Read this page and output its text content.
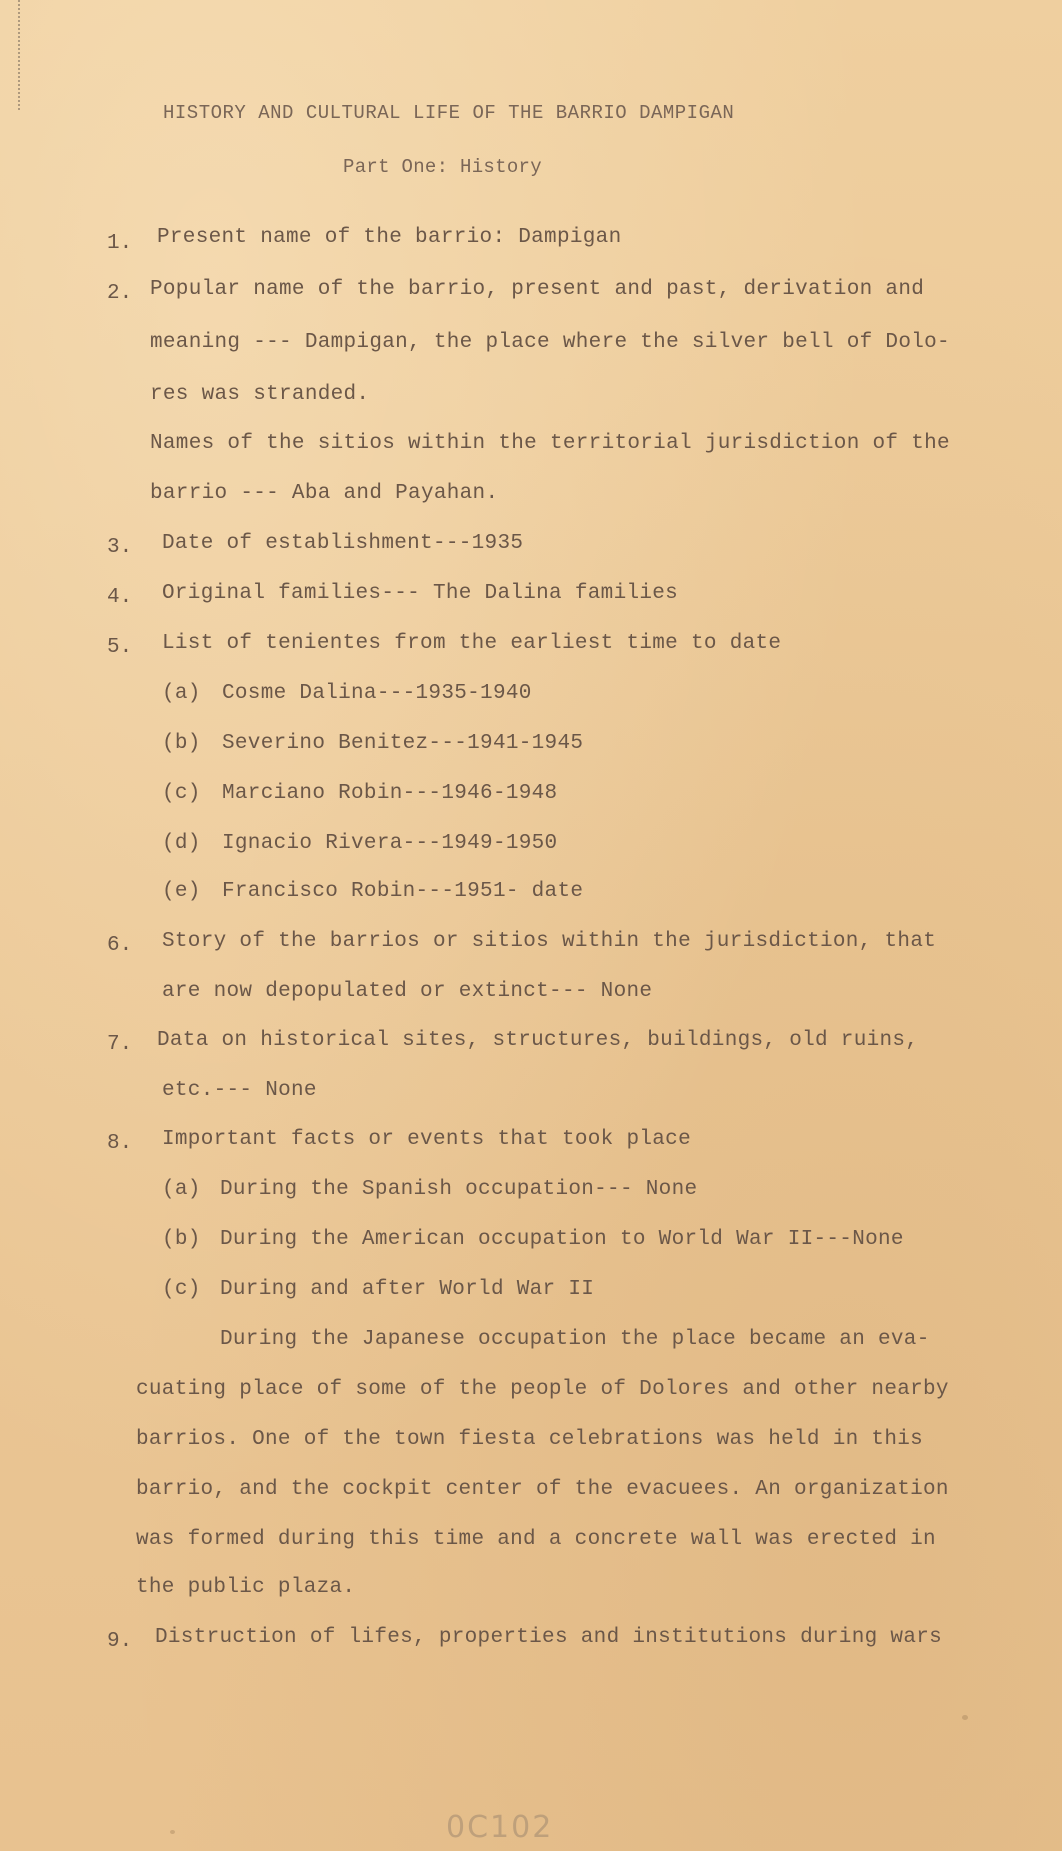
HISTORY AND CULTURAL LIFE OF THE BARRIO DAMPIGAN
Part One: History
1. Present name of the barrio: Dampigan
2. Popular name of the barrio, present and past, derivation and
meaning --- Dampigan, the place where the silver bell of Dolo-
res was stranded.
Names of the sitios within the territorial jurisdiction of the
barrio --- Aba and Payahan.
3. Date of establishment---1935
4. Original families--- The Dalina families
5. List of tenientes from the earliest time to date
(a) Cosme Dalina---1935-1940
(b) Severino Benitez---1941-1945
(c) Marciano Robin---1946-1948
(d) Ignacio Rivera---1949-1950
(e) Francisco Robin---1951- date
6. Story of the barrios or sitios within the jurisdiction, that
are now depopulated or extinct--- None
7. Data on historical sites, structures, buildings, old ruins,
etc.--- None
8. Important facts or events that took place
(a) During the Spanish occupation--- None
(b) During the American occupation to World War II---None
(c) During and after World War II
During the Japanese occupation the place became an eva-
cuating place of some of the people of Dolores and other nearby
barrios. One of the town fiesta celebrations was held in this
barrio, and the cockpit center of the evacuees. An organization
was formed during this time and a concrete wall was erected in
the public plaza.
9. Distruction of lifes, properties and institutions during wars
0C102
